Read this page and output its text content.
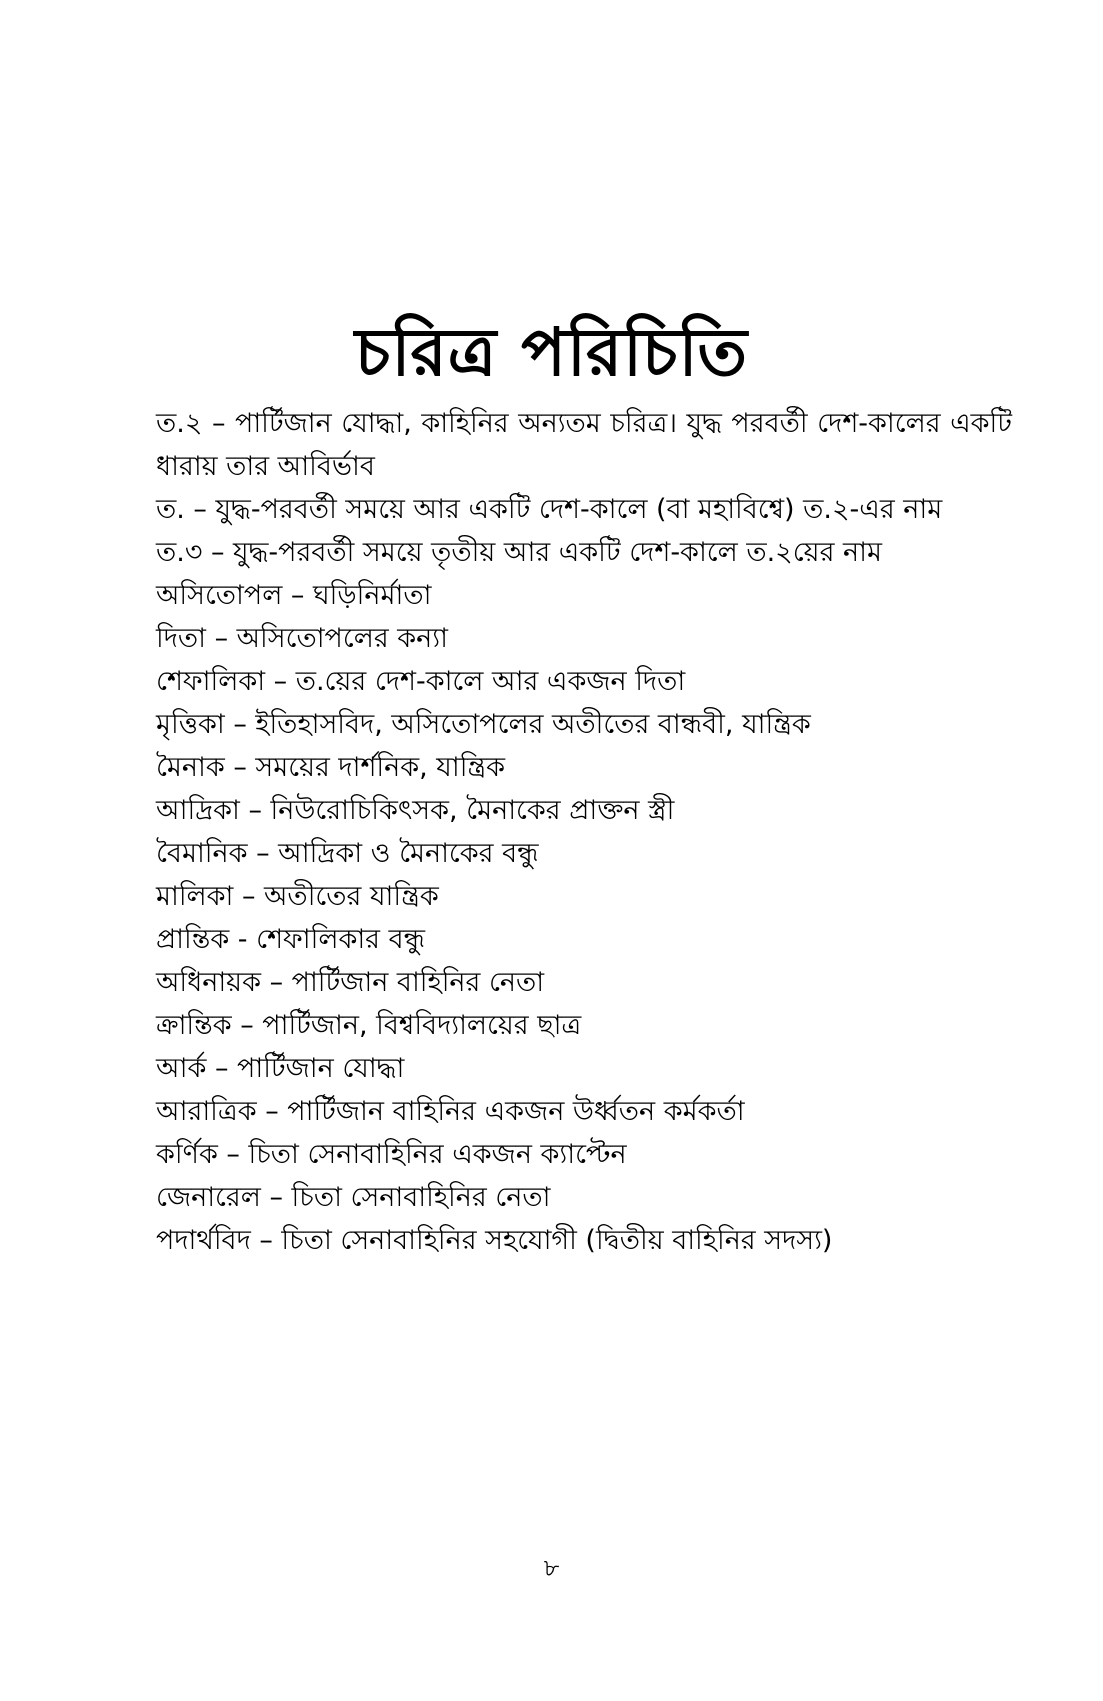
চরিত্র পরিচিতি
ত.২ – পার্টিজান যোদ্ধা, কাহিনির অন্যতম চরিত্র। যুদ্ধ পরবর্তী দেশ-কালের একটি ধারায় তার আবির্ভাব
ত. – যুদ্ধ-পরবর্তী সময়ে আর একটি দেশ-কালে (বা মহাবিশ্বে) ত.২-এর নাম
ত.৩ – যুদ্ধ-পরবর্তী সময়ে তৃতীয় আর একটি দেশ-কালে ত.২য়ের নাম
অসিতোপল – ঘড়িনির্মাতা
দিতা – অসিতোপলের কন্যা
শেফালিকা – ত.য়ের দেশ-কালে আর একজন দিতা
মৃত্তিকা – ইতিহাসবিদ, অসিতোপলের অতীতের বান্ধবী, যান্ত্রিক
মৈনাক – সময়ের দার্শনিক, যান্ত্রিক
আদ্রিকা – নিউরোচিকিৎসক, মৈনাকের প্রাক্তন স্ত্রী
বৈমানিক – আদ্রিকা ও মৈনাকের বন্ধু
মালিকা – অতীতের যান্ত্রিক
প্রান্তিক - শেফালিকার বন্ধু
অধিনায়ক – পার্টিজান বাহিনির নেতা
ক্রান্তিক – পার্টিজান, বিশ্ববিদ্যালয়ের ছাত্র
আর্ক – পার্টিজান যোদ্ধা
আরাত্রিক – পার্টিজান বাহিনির একজন উর্ধ্বতন কর্মকর্তা
কর্ণিক – চিতা সেনাবাহিনির একজন ক্যাপ্টেন
জেনারেল – চিতা সেনাবাহিনির নেতা
পদার্থবিদ – চিতা সেনাবাহিনির সহযোগী (দ্বিতীয় বাহিনির সদস্য)
৮
